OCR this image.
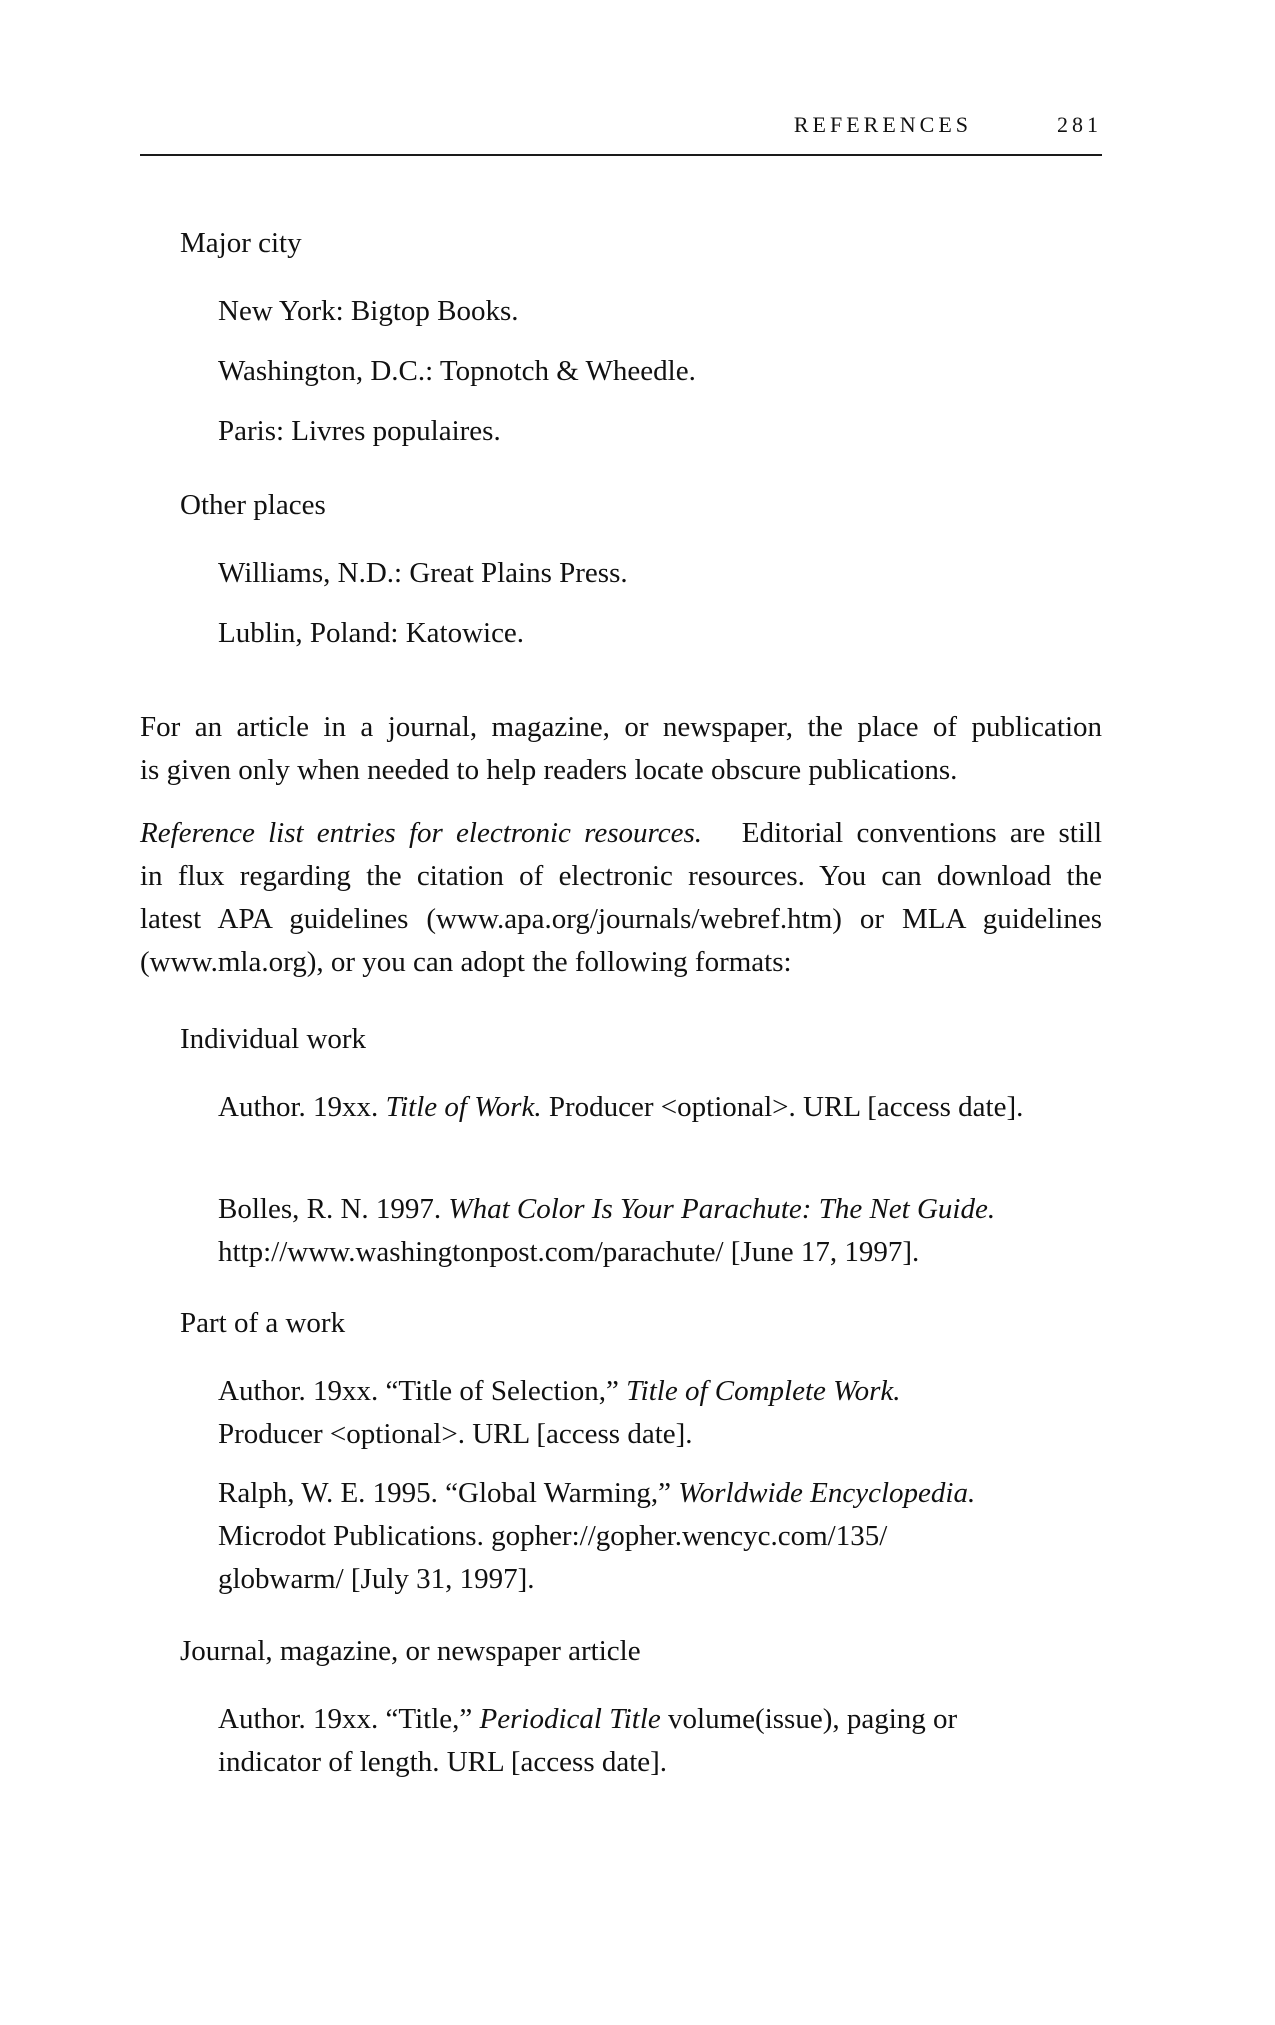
REFERENCES	281

Major city

New York: Bigtop Books.

Washington, D.C.: Topnotch & Wheedle.

Paris: Livres populaires.

Other places

Williams, N.D.: Great Plains Press.

Lublin, Poland: Katowice.

For an article in a journal, magazine, or newspaper, the place of publication
is given only when needed to help readers locate obscure publications.

Reference list entries for electronic resources. Editorial conventions are still
in flux regarding the citation of electronic resources. You can download the
latest APA guidelines (www.apa.org/journals/webref.htm) or MLA guidelines
(www.mla.org), or you can adopt the following formats:

Individual work

Author. 19xx. Title of Work. Producer <optional>. URL [access date].

Bolles, R. N. 1997. What Color Is Your Parachute: The Net Guide.
http://www.washingtonpost.com/parachute/ [June 17, 1997].

Part of a work

Author. 19xx. “Title of Selection,” Title of Complete Work.
Producer <optional>. URL [access date].

Ralph, W. E. 1995. “Global Warming,” Worldwide Encyclopedia.
Microdot Publications. gopher://gopher.wencyc.com/135/ globwarm/ [July 31, 1997].

Journal, magazine, or newspaper article

Author. 19xx. “Title,” Periodical Title volume(issue), paging or indicator of length. URL [access date].
